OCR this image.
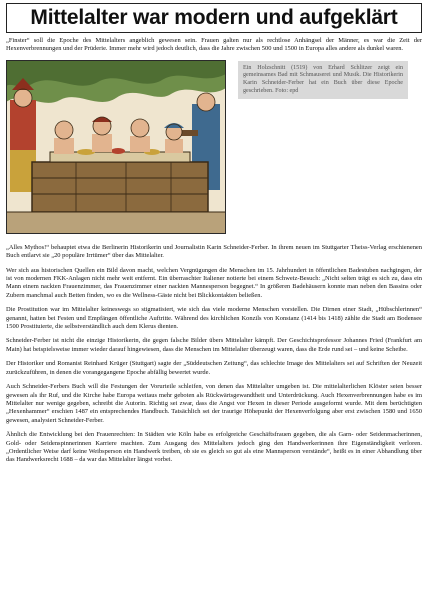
Mittelalter war modern und aufgeklärt

„Finster“ soll die Epoche des Mittelalters angeblich gewesen sein. Frauen galten nur als rechtlose Anhängsel der Männer, es war die Zeit der Hexenverbrennungen und der Prüderie. Immer mehr wird jedoch deutlich, dass die Jahre zwischen 500 und 1500 in Europa alles andere als dunkel waren.

Ein Holzschnitt (1519) von Erhard Schlitzer zeigt ein gemeinsames Bad mit Schmauserei und Musik. Die Historikerin Karin Schneider-Ferber hat ein Buch über diese Epoche geschrieben. Foto: epd

„Alles Mythos!“ behauptet etwa die Berlinerin Historikerin und Journalistin Karin Schneider-Ferber. In ihrem neuen im Stuttgarter Theiss-Verlag erschienenen Buch entlarvt sie „20 populäre Irrtümer“ über das Mittelalter.

Wer sich aus historischen Quellen ein Bild davon macht, welchen Vergnügungen die Menschen im 15. Jahrhundert in öffentlichen Badestuben nachgingen, der ist von modernen FKK-Anlagen nicht mehr weit entfernt. Ein überraschter Italiener notierte bei einem Schweiz-Besuch: „Nicht selten trägt es sich zu, dass ein Mann einem nackten Frauenzimmer, das Frauenzimmer einer nackten Mannesperson begegnet.“ In größeren Badehäusern konnte man neben den Bassins oder Zubern manchmal auch Betten finden, wo es die Wellness-Gäste nicht bei Blickkontakten beließen.

Die Prostitution war im Mittelalter keineswegs so stigmatisiert, wie sich das viele moderne Menschen vorstellen. Die Dirnen einer Stadt, „Hübschlerinnen“ genannt, hatten bei Festen und Empfängen öffentliche Auftritte. Während des kirchlichen Konzils von Konstanz (1414 bis 1418) zählte die Stadt am Bodensee 1500 Prostituierte, die selbstverständlich auch dem Klerus dienten.

Schneider-Ferber ist nicht die einzige Historikerin, die gegen falsche Bilder übers Mittelalter kämpft. Der Geschichtsprofessor Johannes Fried (Frankfurt am Main) hat beispielsweise immer wieder darauf hingewiesen, dass die Menschen im Mittelalter überzeugt waren, dass die Erde rund sei – und keine Scheibe.

Der Historiker und Romanist Reinhard Krüger (Stuttgart) sagte der „Süddeutschen Zeitung“, das schlechte Image des Mittelalters sei auf Schriften der Neuzeit zurückzuführen, in denen die vorangegangene Epoche abfällig bewertet wurde.

Auch Schneider-Ferbers Buch will die Festungen der Vorurteile schleifen, von denen das Mittelalter umgeben ist. Die mittelalterlichen Klöster seien besser gewesen als ihr Ruf, und die Kirche habe Europa weitaus mehr geboten als Rückwärtsgewandtheit und Unterdrückung. Auch Hexenverbrennungen habe es im Mittelalter nur wenige gegeben, schreibt die Autorin. Richtig sei zwar, dass die Angst vor Hexen in dieser Periode ausgeformt wurde. Mit dem berüchtigten „Hexenhammer“ erschien 1487 ein entsprechendes Handbuch. Tatsächlich sei der traurige Höhepunkt der Hexenverfolgung aber erst zwischen 1580 und 1650 gewesen, analysiert Schneider-Ferber.

Ähnlich die Entwicklung bei den Frauenrechten: In Städten wie Köln habe es erfolgreiche Geschäftsfrauen gegeben, die als Garn- oder Seidenmacherinnen, Gold- oder Seidenspinnerinnen Karriere machten. Zum Ausgang des Mittelalters jedoch ging den Handwerkerinnen ihre Eigenständigkeit verloren. „Ordentlicher Weise darf keine Weibsperson ein Handwerk treiben, ob sie es gleich so gut als eine Mannsperson verstände“, heißt es in einer Abhandlung über das Handwerksrecht 1688 – da war das Mittelalter längst vorbei.
